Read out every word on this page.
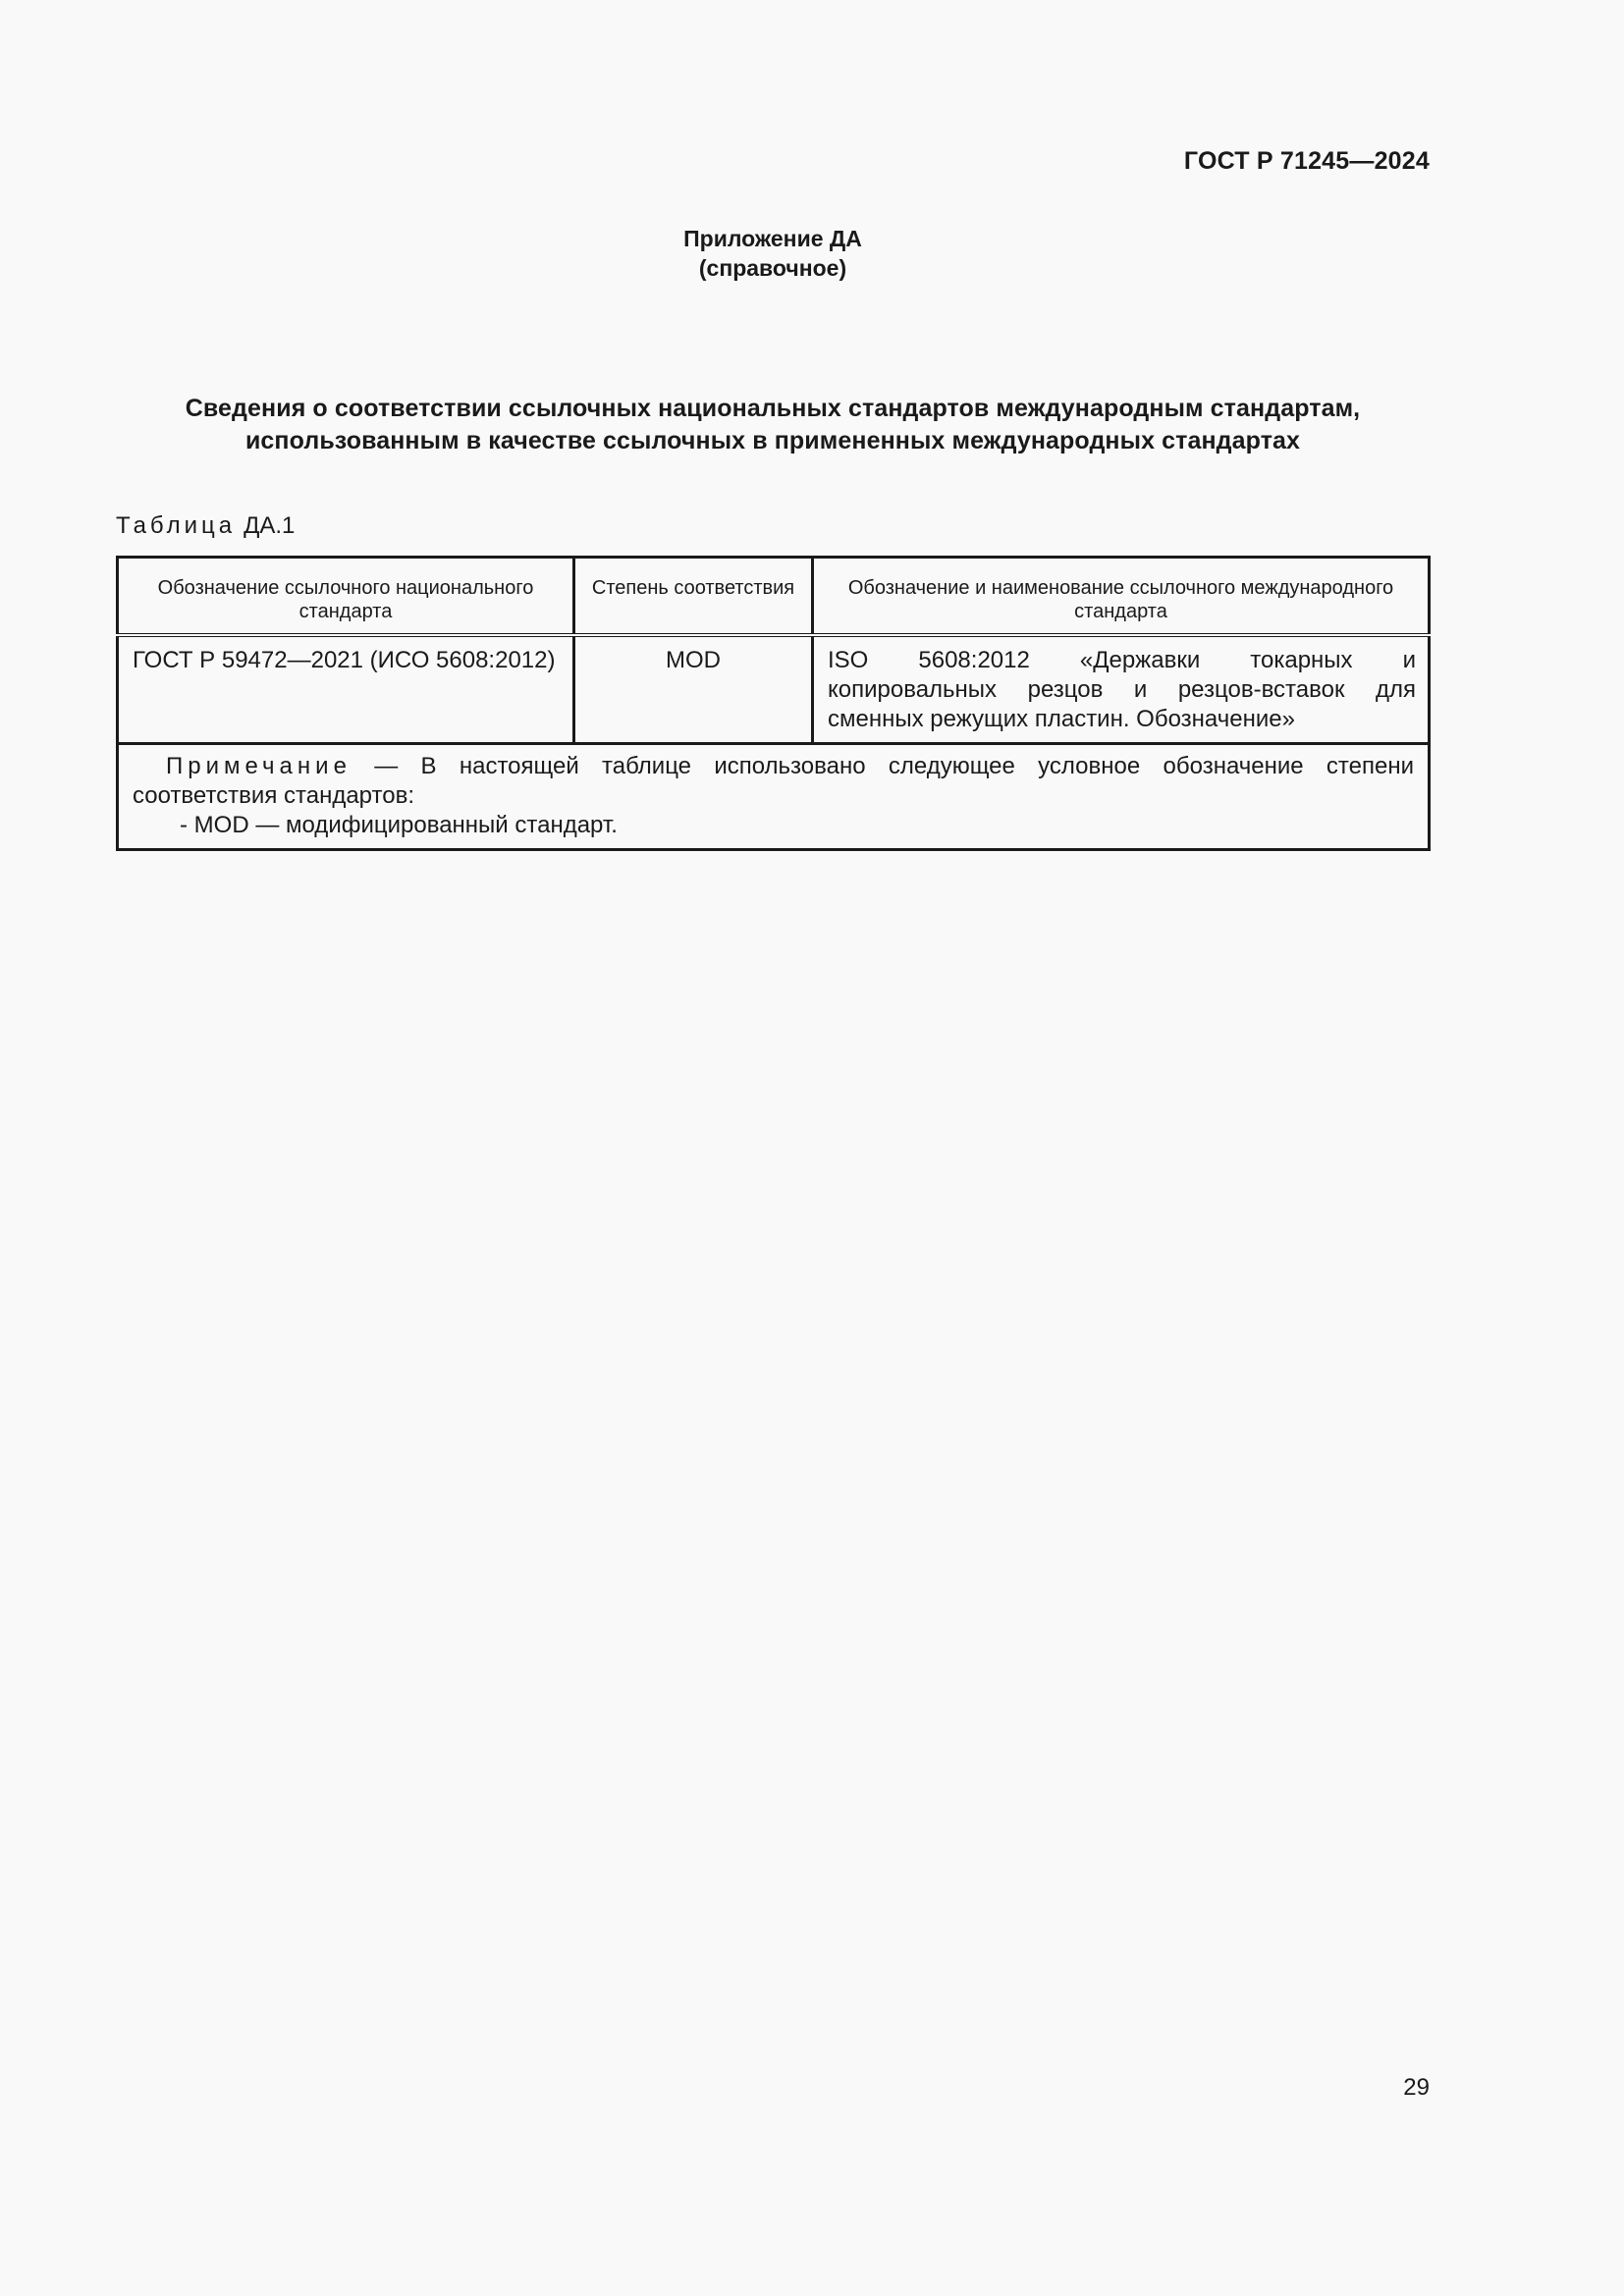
ГОСТ Р 71245—2024
Приложение ДА
(справочное)
Сведения о соответствии ссылочных национальных стандартов международным стандартам,
использованным в качестве ссылочных в примененных международных стандартах
Таблица ДА.1
Обозначение ссылочного национального стандарта	Степень соответствия	Обозначение и наименование ссылочного международного стандарта
ГОСТ Р 59472—2021 (ИСО 5608:2012)	MOD	ISO 5608:2012 «Державки токарных и копировальных резцов и резцов-вставок для сменных режущих пластин. Обозначение»
Примечание — В настоящей таблице использовано следующее условное обозначение степени соответствия стандартов:
- MOD — модифицированный стандарт.		
29
